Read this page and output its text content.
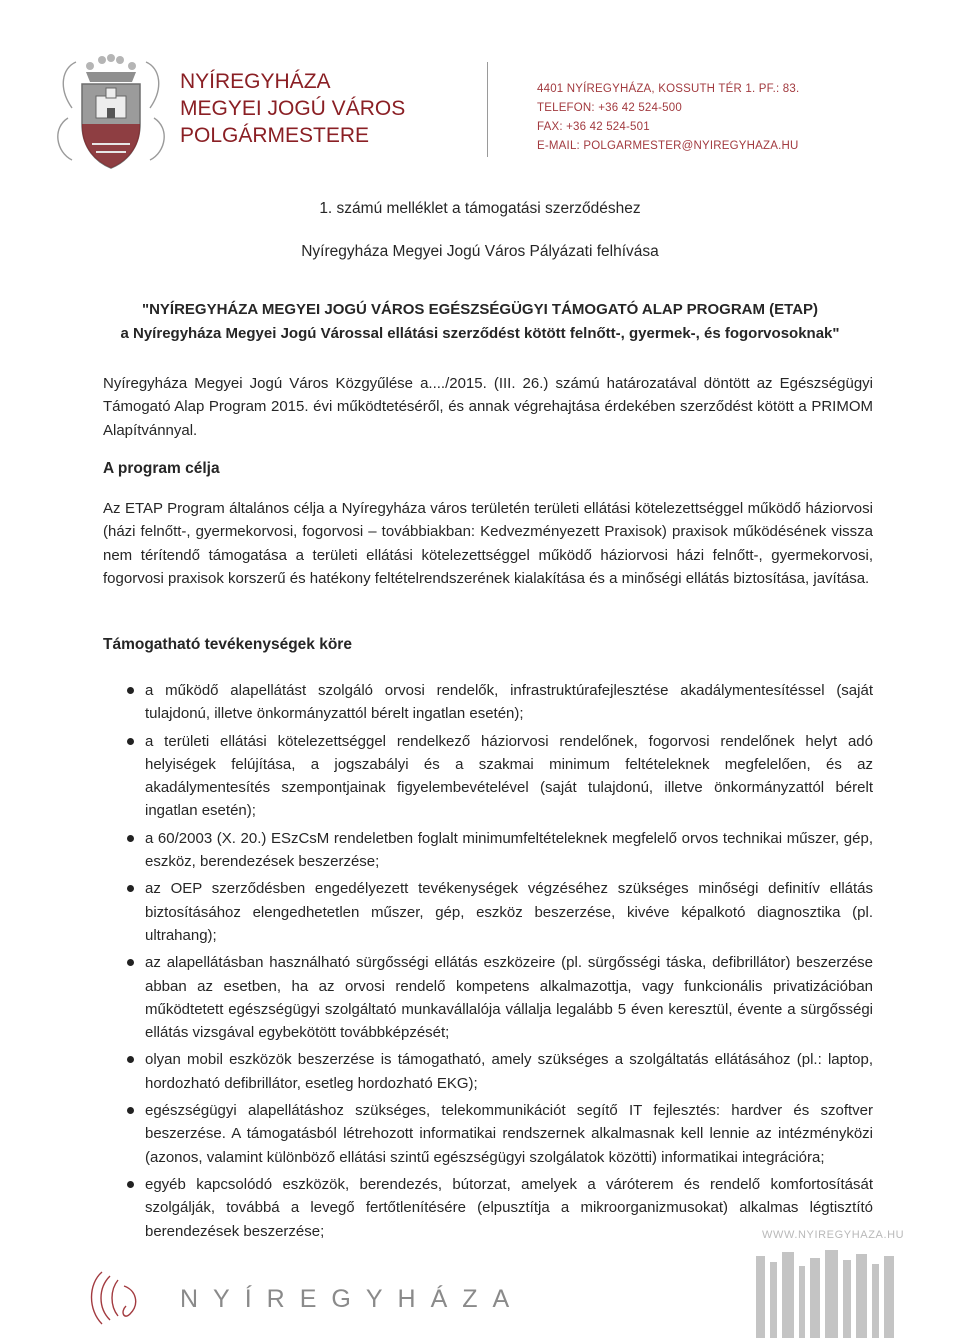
NYÍREGYHÁZA
MEGYEI JOGÚ VÁROS
POLGÁRMESTERE
4401 NYÍREGYHÁZA, KOSSUTH TÉR 1. PF.: 83.
TELEFON: +36 42 524-500
FAX: +36 42 524-501
E-MAIL: POLGARMESTER@NYIREGYHAZA.HU
1. számú melléklet a támogatási szerződéshez
Nyíregyháza Megyei Jogú Város Pályázati felhívása
"NYÍREGYHÁZA MEGYEI JOGÚ VÁROS EGÉSZSÉGÜGYI TÁMOGATÓ ALAP PROGRAM (ETAP)
a Nyíregyháza Megyei Jogú Várossal ellátási szerződést kötött felnőtt-, gyermek-, és fogorvosoknak"
Nyíregyháza Megyei Jogú Város Közgyűlése a..../2015. (III. 26.) számú határozatával döntött az Egészségügyi Támogató Alap Program 2015. évi működtetéséről, és annak végrehajtása érdekében szerződést kötött a PRIMOM Alapítvánnyal.
A program célja
Az ETAP Program általános célja a Nyíregyháza város területén területi ellátási kötelezettséggel működő háziorvosi (házi felnőtt-, gyermekorvosi, fogorvosi – továbbiakban: Kedvezményezett Praxisok) praxisok működésének vissza nem térítendő támogatása a területi ellátási kötelezettséggel működő háziorvosi házi felnőtt-, gyermekorvosi, fogorvosi praxisok korszerű és hatékony feltételrendszerének kialakítása és a minőségi ellátás biztosítása, javítása.
Támogatható tevékenységek köre
a működő alapellátást szolgáló orvosi rendelők, infrastruktúrafejlesztése akadálymentesítéssel (saját tulajdonú, illetve önkormányzattól bérelt ingatlan esetén);
a területi ellátási kötelezettséggel rendelkező háziorvosi rendelőnek, fogorvosi rendelőnek helyt adó helyiségek felújítása, a jogszabályi és a szakmai minimum feltételeknek megfelelően, és az akadálymentesítés szempontjainak figyelembevételével (saját tulajdonú, illetve önkormányzattól bérelt ingatlan esetén);
a 60/2003 (X. 20.) ESzCsM rendeletben foglalt minimumfeltételeknek megfelelő orvos technikai műszer, gép, eszköz, berendezések beszerzése;
az OEP szerződésben engedélyezett tevékenységek végzéséhez szükséges minőségi definitív ellátás biztosításához elengedhetetlen műszer, gép, eszköz beszerzése, kivéve képalkotó diagnosztika (pl. ultrahang);
az alapellátásban használható sürgősségi ellátás eszközeire (pl. sürgősségi táska, defibrillátor) beszerzése abban az esetben, ha az orvosi rendelő kompetens alkalmazottja, vagy funkcionális privatizációban működtetett egészségügyi szolgáltató munkavállalója vállalja legalább 5 éven keresztül, évente a sürgősségi ellátás vizsgával egybekötött továbbképzését;
olyan mobil eszközök beszerzése is támogatható, amely szükséges a szolgáltatás ellátásához (pl.: laptop, hordozható defibrillátor, esetleg hordozható EKG);
egészségügyi alapellátáshoz szükséges, telekommunikációt segítő IT fejlesztés: hardver és szoftver beszerzése. A támogatásból létrehozott informatikai rendszernek alkalmasnak kell lennie az intézményközi (azonos, valamint különböző ellátási szintű egészségügyi szolgálatok közötti) informatikai integrációra;
egyéb kapcsolódó eszközök, berendezés, bútorzat, amelyek a váróterem és rendelő komfortosítását szolgálják, továbbá a levegő fertőtlenítésére (elpusztítja a mikroorganizmusokat) alkalmas légtisztító berendezések beszerzése;	WWW.NYIREGYHAZA.HU
NYÍREGYHÁZA
